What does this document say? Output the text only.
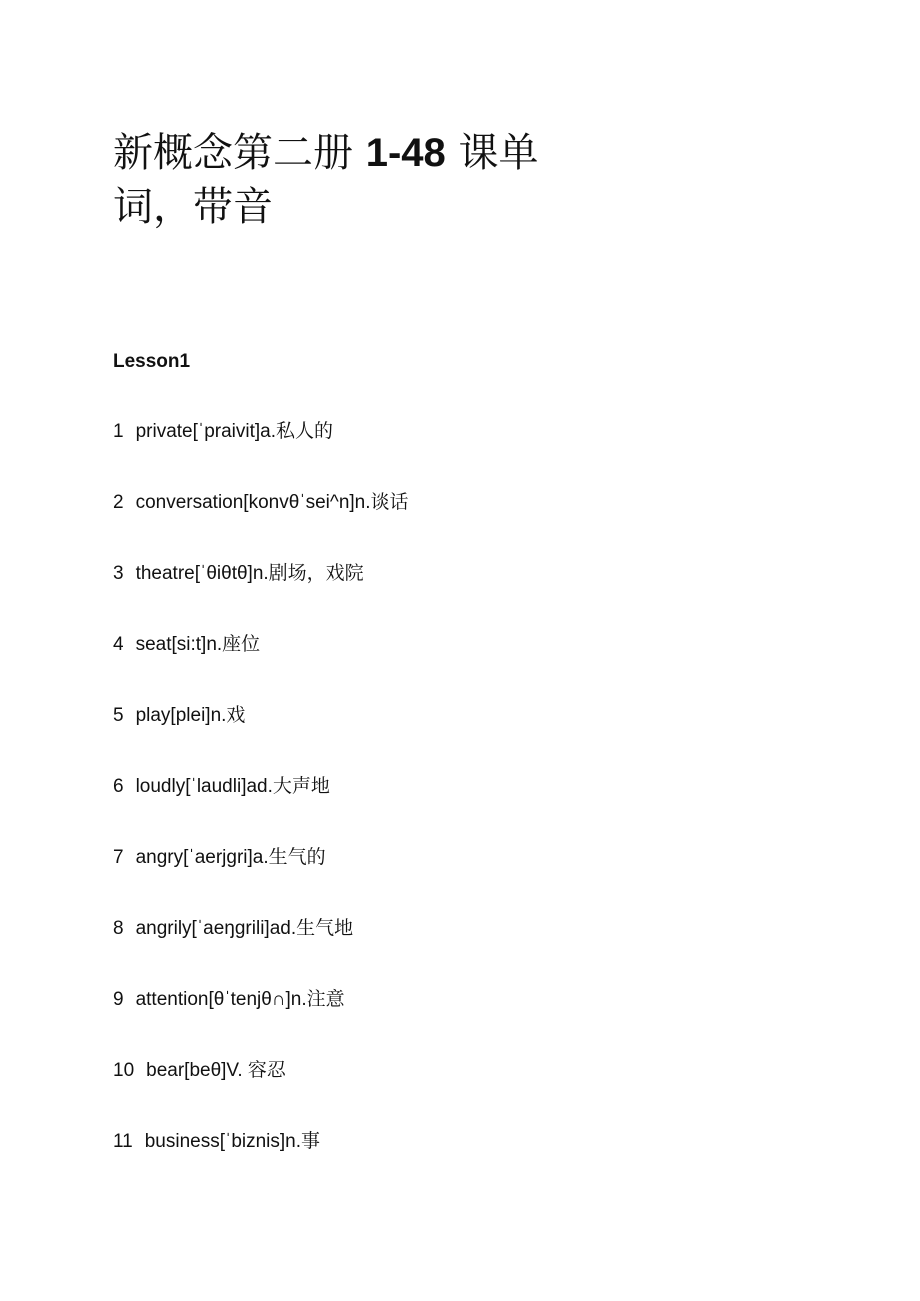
新概念第二册 1-48 课单词，带音
Lesson1
1 private[ˈpraivit]a.私人的
2 conversation[konvθˈsei^n]n.谈话
3 theatre[ˈθiθtθ]n.剧场，戏院
4 seat[si:t]n.座位
5 play[plei]n.戏
6 loudly[ˈlaudli]ad.大声地
7 angry[ˈaerjgri]a.生气的
8 angrily[ˈaeŋgrili]ad.生气地
9 attention[θˈtenjθ∩]n.注意
10 bear[beθ]V. 容忍
11 business[ˈbiznis]n.事
